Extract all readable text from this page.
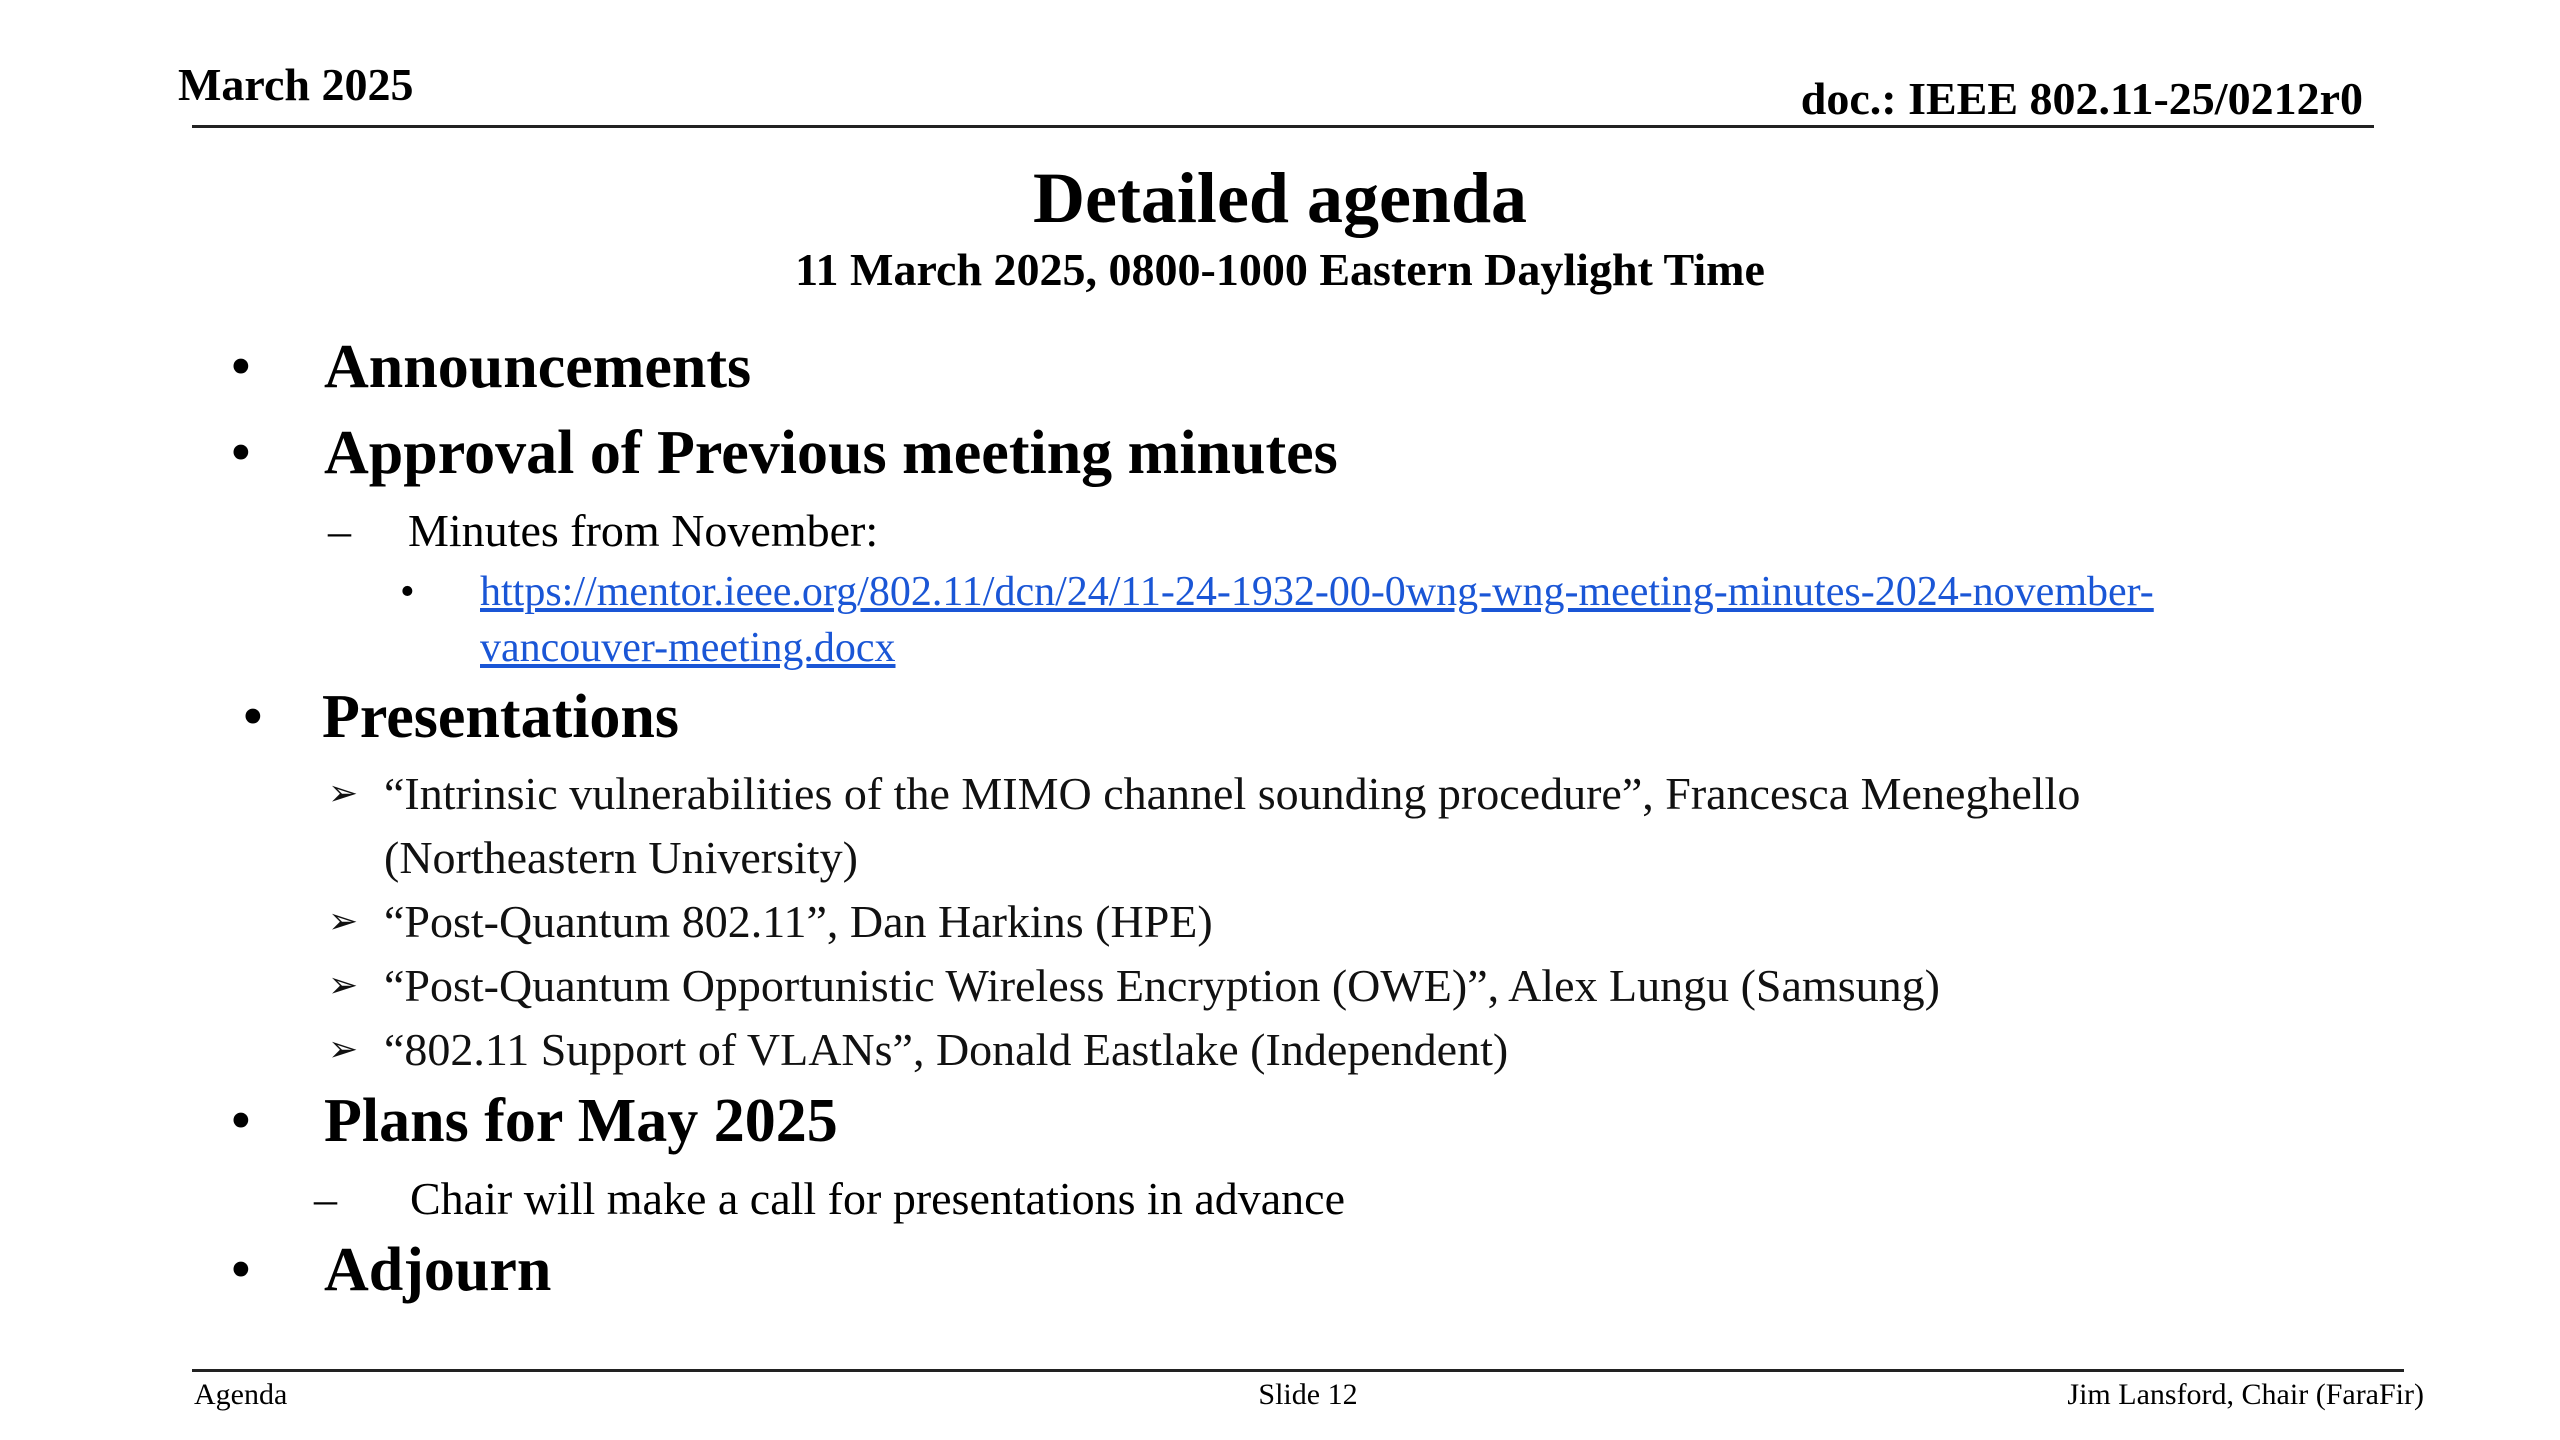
March 2025	doc.: IEEE 802.11-25/0212r0
Detailed agenda
11 March 2025, 0800-1000 Eastern Daylight Time
• Announcements
• Approval of Previous meeting minutes
– Minutes from November:
• https://mentor.ieee.org/802.11/dcn/24/11-24-1932-00-0wng-wng-meeting-minutes-2024-november-vancouver-meeting.docx
• Presentations
➢ “Intrinsic vulnerabilities of the MIMO channel sounding procedure”, Francesca Meneghello (Northeastern University)
➢ “Post-Quantum 802.11”, Dan Harkins (HPE)
➢ “Post-Quantum Opportunistic Wireless Encryption (OWE)”, Alex Lungu (Samsung)
➢ “802.11 Support of VLANs”, Donald Eastlake (Independent)
• Plans for May 2025
– Chair will make a call for presentations in advance
• Adjourn
Agenda	Slide 12	Jim Lansford, Chair (FaraFir)
